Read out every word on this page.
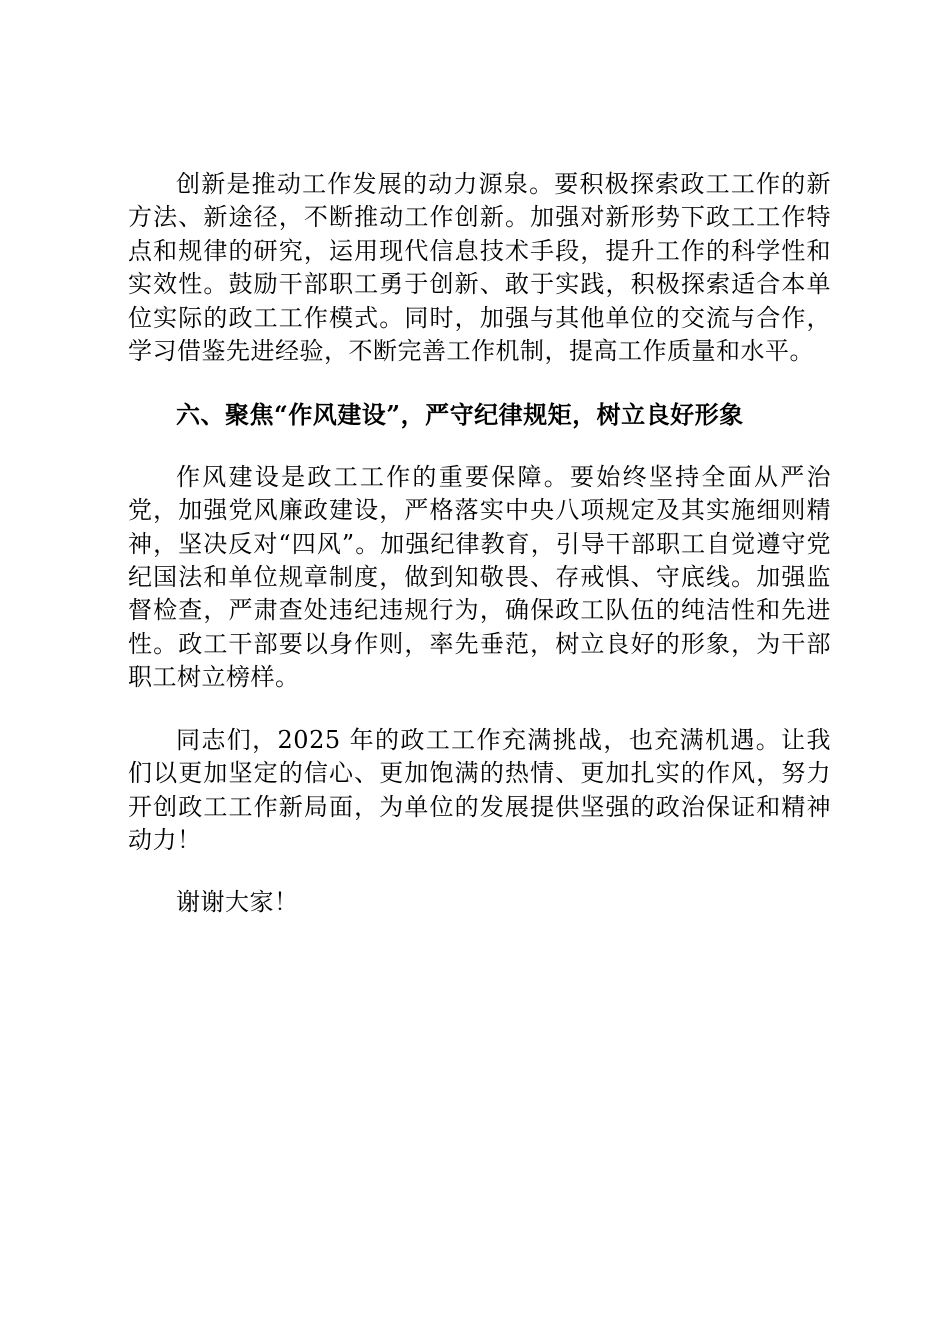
创新是推动工作发展的动力源泉。要积极探索政工工作的新方法、新途径，不断推动工作创新。加强对新形势下政工工作特点和规律的研究，运用现代信息技术手段，提升工作的科学性和实效性。鼓励干部职工勇于创新、敢于实践，积极探索适合本单位实际的政工工作模式。同时，加强与其他单位的交流与合作，学习借鉴先进经验，不断完善工作机制，提高工作质量和水平。

六、聚焦“作风建设”，严守纪律规矩，树立良好形象

作风建设是政工工作的重要保障。要始终坚持全面从严治党，加强党风廉政建设，严格落实中央八项规定及其实施细则精神，坚决反对“四风”。加强纪律教育，引导干部职工自觉遵守党纪国法和单位规章制度，做到知敬畏、存戒惧、守底线。加强监督检查，严肃查处违纪违规行为，确保政工队伍的纯洁性和先进性。政工干部要以身作则，率先垂范，树立良好的形象，为干部职工树立榜样。

同志们，2025 年的政工工作充满挑战，也充满机遇。让我们以更加坚定的信心、更加饱满的热情、更加扎实的作风，努力开创政工工作新局面，为单位的发展提供坚强的政治保证和精神动力！

谢谢大家！
